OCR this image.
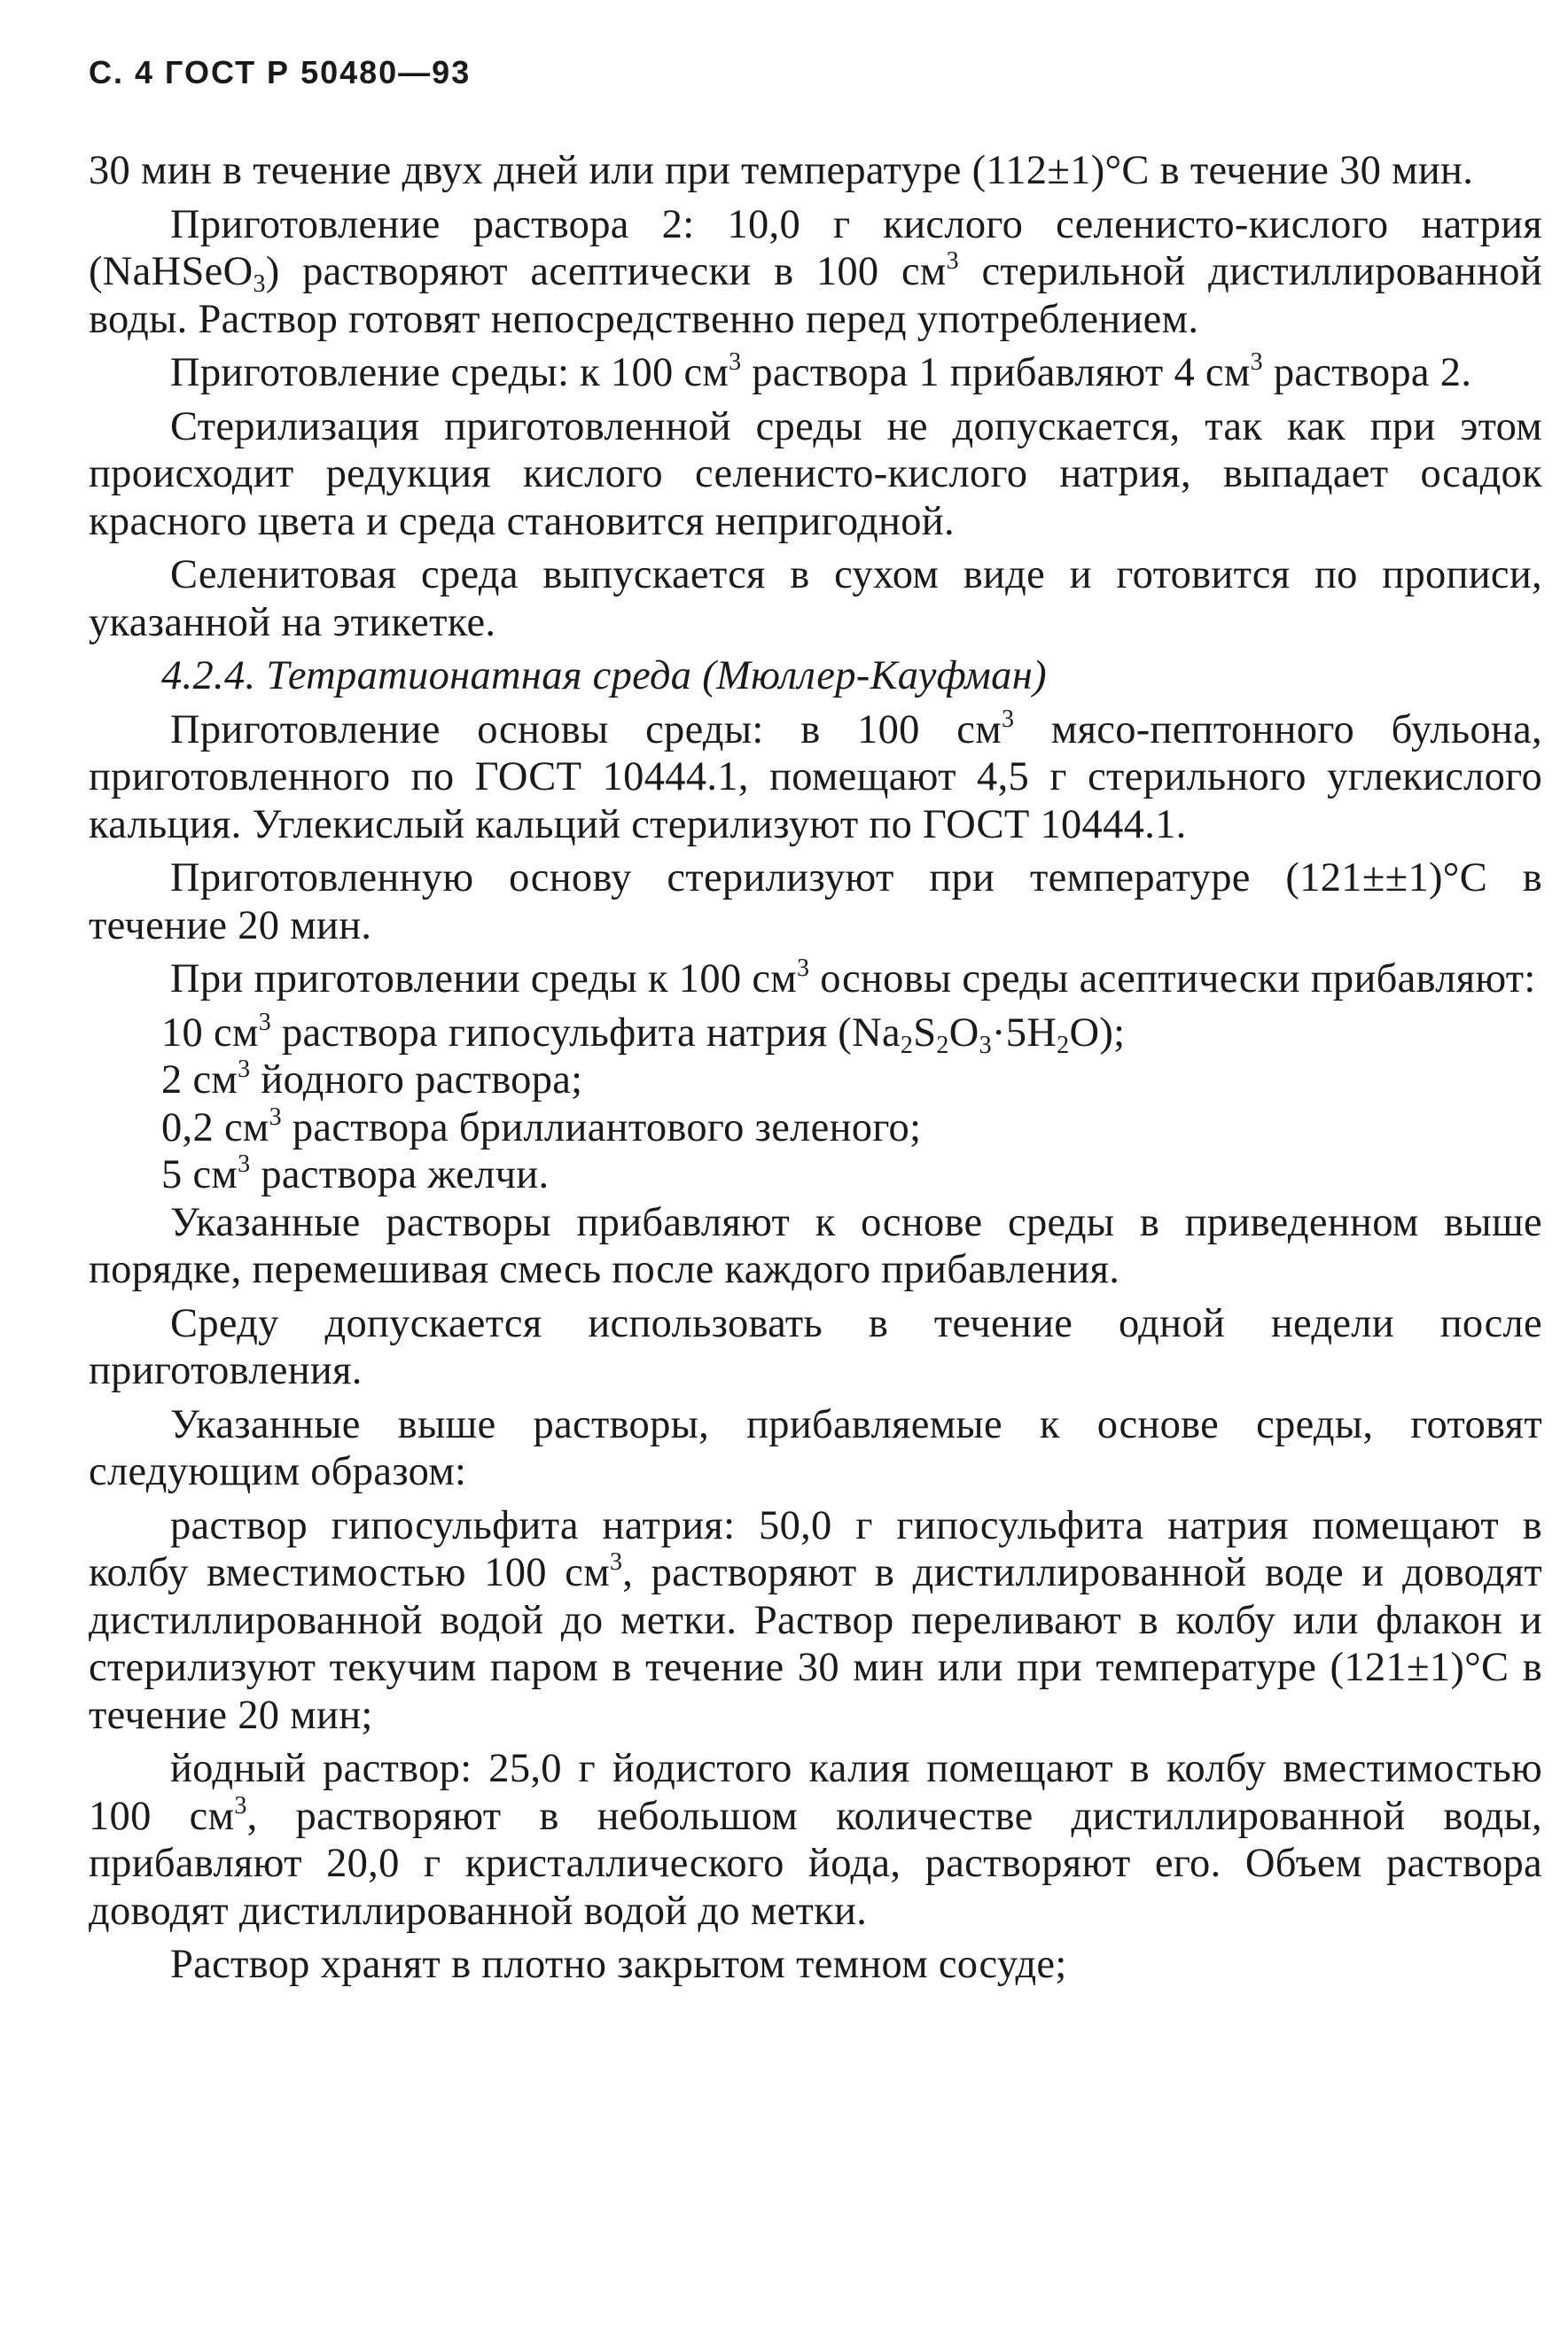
С. 4 ГОСТ Р 50480—93
30 мин в течение двух дней или при температуре (112±1)°С в течение 30 мин.
Приготовление раствора 2: 10,0 г кислого селенисто-кислого натрия (NaHSeO$_3$) растворяют асептически в 100 $см^3$ стерильной дистиллированной воды. Раствор готовят непосредственно перед употреблением.
Приготовление среды: к 100 $см^3$ раствора 1 прибавляют 4 $см^3$ раствора 2.
Стерилизация приготовленной среды не допускается, так как при этом происходит редукция кислого селенисто-кислого натрия, выпадает осадок красного цвета и среда становится непригодной.
Селенитовая среда выпускается в сухом виде и готовится по прописи, указанной на этикетке.
4.2.4. Тетратионатная среда (Мюллер-Кауфман)
Приготовление основы среды: в 100 $см^3$ мясо-пептонного бульона, приготовленного по ГОСТ 10444.1, помещают 4,5 г стерильного углекислого кальция. Углекислый кальций стерилизуют по ГОСТ 10444.1.
Приготовленную основу стерилизуют при температуре (121±±1)°С в течение 20 мин.
При приготовлении среды к 100 $см^3$ основы среды асептически прибавляют:
10 $см^3$ раствора гипосульфита натрия $(Na_2S_2O_3\cdot 5H_2O)$;
2 $см^3$ йодного раствора;
0,2 $см^3$ раствора бриллиантового зеленого;
5 $см^3$ раствора желчи.
Указанные растворы прибавляют к основе среды в приведенном выше порядке, перемешивая смесь после каждого прибавления.
Среду допускается использовать в течение одной недели после приготовления.
Указанные выше растворы, прибавляемые к основе среды, готовят следующим образом:
раствор гипосульфита натрия: 50,0 г гипосульфита натрия помещают в колбу вместимостью 100 $см^3$, растворяют в дистиллированной воде и доводят дистиллированной водой до метки. Раствор переливают в колбу или флакон и стерилизуют текучим паром в течение 30 мин или при температуре (121±1)°С в течение 20 мин;
йодный раствор: 25,0 г йодистого калия помещают в колбу вместимостью 100 $см^3$, растворяют в небольшом количестве дистиллированной воды, прибавляют 20,0 г кристаллического йода, растворяют его. Объем раствора доводят дистиллированной водой до метки.
Раствор хранят в плотно закрытом темном сосуде;
